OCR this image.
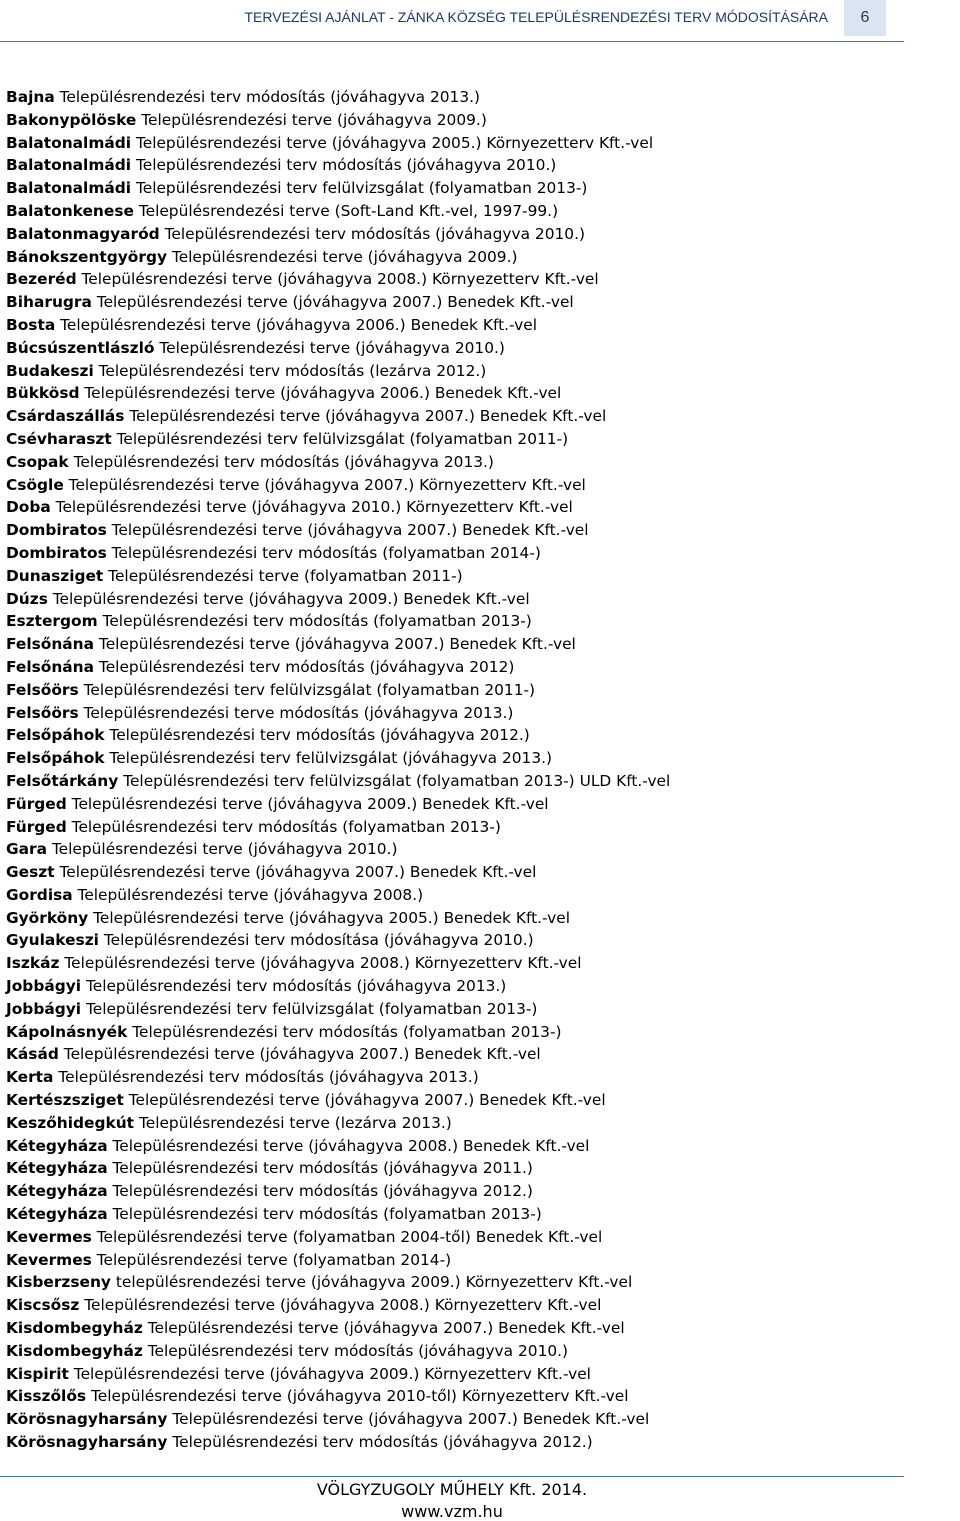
TERVEZÉSI AJÁNLAT - ZÁNKA KÖZSÉG TELEPÜLÉSRENDEZÉSI TERV MÓDOSÍTÁSÁRA	6
Bajna Településrendezési terv módosítás (jóváhagyva 2013.)
Bakonypölöske Településrendezési terve (jóváhagyva 2009.)
Balatonalmádi Településrendezési terve (jóváhagyva 2005.) Környezetterv Kft.-vel
Balatonalmádi Településrendezési terv módosítás (jóváhagyva 2010.)
Balatonalmádi Településrendezési terv felülvizsgálat (folyamatban 2013-)
Balatonkenese Településrendezési terve (Soft-Land Kft.-vel, 1997-99.)
Balatonmagyaród Településrendezési terv módosítás (jóváhagyva 2010.)
Bánokszentgyörgy Településrendezési terve (jóváhagyva 2009.)
Bezeréd Településrendezési terve (jóváhagyva 2008.) Környezetterv Kft.-vel
Biharugra Településrendezési terve (jóváhagyva 2007.) Benedek Kft.-vel
Bosta Településrendezési terve (jóváhagyva 2006.) Benedek Kft.-vel
Búcsúszentlászló Településrendezési terve (jóváhagyva 2010.)
Budakeszi Településrendezési terv módosítás (lezárva 2012.)
Bükkösd Településrendezési terve (jóváhagyva 2006.) Benedek Kft.-vel
Csárdaszállás Településrendezési terve (jóváhagyva 2007.) Benedek Kft.-vel
Csévharaszt Településrendezési terv felülvizsgálat (folyamatban 2011-)
Csopak Településrendezési terv módosítás (jóváhagyva 2013.)
Csögle Településrendezési terve (jóváhagyva 2007.) Környezetterv Kft.-vel
Doba Településrendezési terve (jóváhagyva 2010.) Környezetterv Kft.-vel
Dombiratos Településrendezési terve (jóváhagyva 2007.) Benedek Kft.-vel
Dombiratos Településrendezési terv módosítás (folyamatban 2014-)
Dunasziget Településrendezési terve (folyamatban 2011-)
Dúzs Településrendezési terve (jóváhagyva 2009.) Benedek Kft.-vel
Esztergom Településrendezési terv módosítás (folyamatban 2013-)
Felsőnána Településrendezési terve (jóváhagyva 2007.) Benedek Kft.-vel
Felsőnána Településrendezési terv módosítás (jóváhagyva 2012)
Felsőörs Településrendezési terv felülvizsgálat (folyamatban 2011-)
Felsőörs Településrendezési terve módosítás (jóváhagyva 2013.)
Felsőpáhok Településrendezési terv módosítás (jóváhagyva 2012.)
Felsőpáhok Településrendezési terv felülvizsgálat (jóváhagyva 2013.)
Felsőtárkány Településrendezési terv felülvizsgálat (folyamatban 2013-) ULD Kft.-vel
Fürged Településrendezési terve (jóváhagyva 2009.) Benedek Kft.-vel
Fürged Településrendezési terv módosítás (folyamatban 2013-)
Gara Településrendezési terve (jóváhagyva 2010.)
Geszt Településrendezési terve (jóváhagyva 2007.) Benedek Kft.-vel
Gordisa Településrendezési terve (jóváhagyva 2008.)
Györköny Településrendezési terve (jóváhagyva 2005.) Benedek Kft.-vel
Gyulakeszi Településrendezési terv módosítása (jóváhagyva 2010.)
Iszkáz Településrendezési terve (jóváhagyva 2008.) Környezetterv Kft.-vel
Jobbágyi Településrendezési terv módosítás (jóváhagyva 2013.)
Jobbágyi Településrendezési terv felülvizsgálat (folyamatban 2013-)
Kápolnásnyék Településrendezési terv módosítás (folyamatban 2013-)
Kásád Településrendezési terve (jóváhagyva 2007.) Benedek Kft.-vel
Kerta Településrendezési terv módosítás (jóváhagyva 2013.)
Kertészsziget Településrendezési terve (jóváhagyva 2007.) Benedek Kft.-vel
Keszőhidegkút Településrendezési terve (lezárva 2013.)
Kétegyháza Településrendezési terve (jóváhagyva 2008.) Benedek Kft.-vel
Kétegyháza Településrendezési terv módosítás (jóváhagyva 2011.)
Kétegyháza Településrendezési terv módosítás (jóváhagyva 2012.)
Kétegyháza Településrendezési terv módosítás (folyamatban 2013-)
Kevermes Településrendezési terve (folyamatban 2004-től) Benedek Kft.-vel
Kevermes Településrendezési terve (folyamatban 2014-)
Kisberzseny településrendezési terve (jóváhagyva 2009.) Környezetterv Kft.-vel
Kiscsősz Településrendezési terve (jóváhagyva 2008.) Környezetterv Kft.-vel
Kisdombegyház Településrendezési terve (jóváhagyva 2007.) Benedek Kft.-vel
Kisdombegyház Településrendezési terv módosítás (jóváhagyva 2010.)
Kispirit Településrendezési terve (jóváhagyva 2009.) Környezetterv Kft.-vel
Kisszőlős Településrendezési terve (jóváhagyva 2010-től) Környezetterv Kft.-vel
Körösnagyharsány Településrendezési terve (jóváhagyva 2007.) Benedek Kft.-vel
Körösnagyharsány Településrendezési terv módosítás (jóváhagyva 2012.)
VÖLGYZUGOLY MŰHELY Kft. 2014.
www.vzm.hu
